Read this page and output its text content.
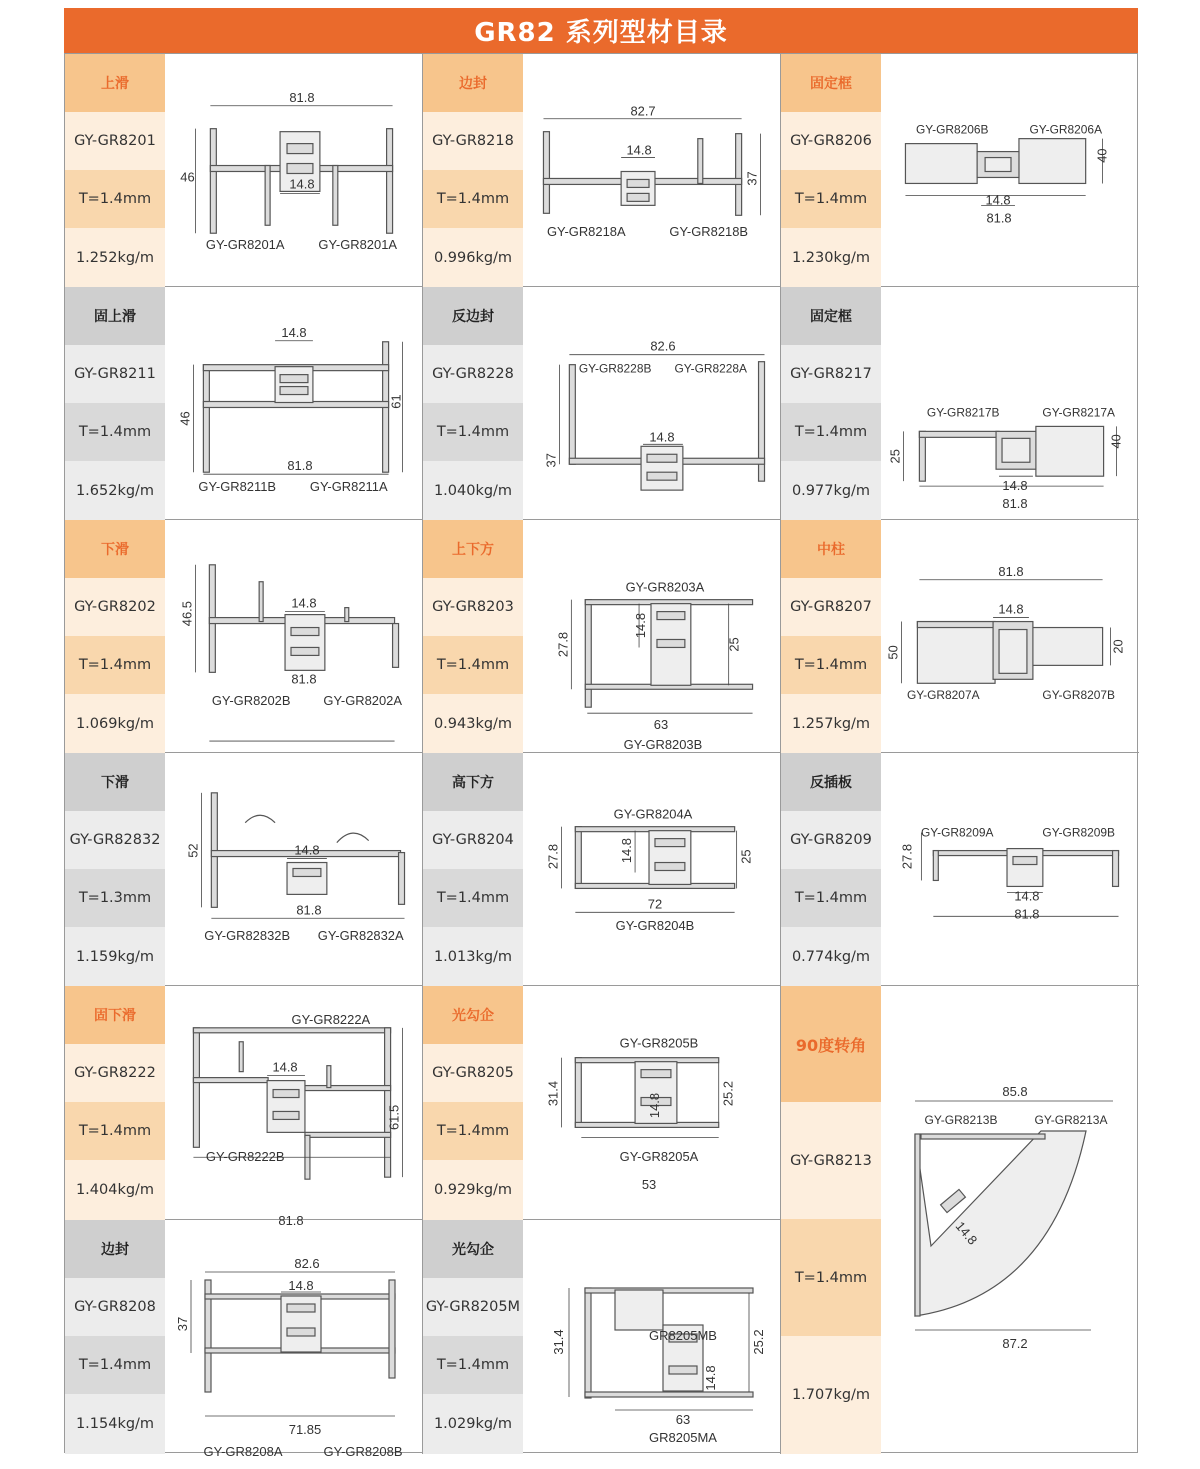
GR82 系列型材目录
上滑
GY-GR8201
T=1.4mm
1.252kg/m
81.8
46	14.8
GY-GR8201A	GY-GR8201A
边封
GY-GR8218
T=1.4mm
0.996kg/m
82.7
14.8
37
GY-GR8218A	GY-GR8218B
固定框
GY-GR8206
T=1.4mm
1.230kg/m
GY-GR8206B	GY-GR8206A
40
14.8
81.8
固上滑
GY-GR8211
T=1.4mm
1.652kg/m
14.8
46
61
81.8
GY-GR8211B	GY-GR8211A
反边封
GY-GR8228
T=1.4mm
1.040kg/m
82.6
14.8
37
GY-GR8228B GY-GR8228A
固定框
GY-GR8217
T=1.4mm
0.977kg/m
GY-GR8217B	GY-GR8217A
25
40
14.8
81.8
下滑
GY-GR8202
T=1.4mm
1.069kg/m
46.5	14.8
81.8
GY-GR8202B	GY-GR8202A
上下方
GY-GR8203
T=1.4mm
0.943kg/m
GY-GR8203A
27.8
14.8
25
63
GY-GR8203B
中柱
GY-GR8207
T=1.4mm
1.257kg/m
81.8
14.8
50	20
GY-GR8207A	GY-GR8207B
下滑
GY-GR82832
T=1.3mm
1.159kg/m
52	14.8
81.8
GY-GR82832B GY-GR82832A
高下方
GY-GR8204
T=1.4mm
1.013kg/m
GY-GR8204A
27.8	14.8	25
72
GY-GR8204B
反插板
GY-GR8209
T=1.4mm
0.774kg/m
GY-GR8209A	GY-GR8209B
27.8
14.8
81.8
固下滑
GY-GR8222
T=1.4mm
1.404kg/m
GY-GR8222A
14.8
61.5
81.8
GY-GR8222B
光勾企
GY-GR8205
T=1.4mm
0.929kg/m
GY-GR8205B
31.4	14.8	25.2
53
GY-GR8205A
90度转角
GY-GR8213
T=1.4mm
1.707kg/m
85.8
GY-GR8213B	GY-GR8213A
14.8
87.2
边封
GY-GR8208
T=1.4mm
1.154kg/m
82.6
14.8
37
71.85
GY-GR8208A	GY-GR8208B
光勾企
GY-GR8205M
T=1.4mm
1.029kg/m
GR8205MB
31.4
14.8
25.2
63
GR8205MA
